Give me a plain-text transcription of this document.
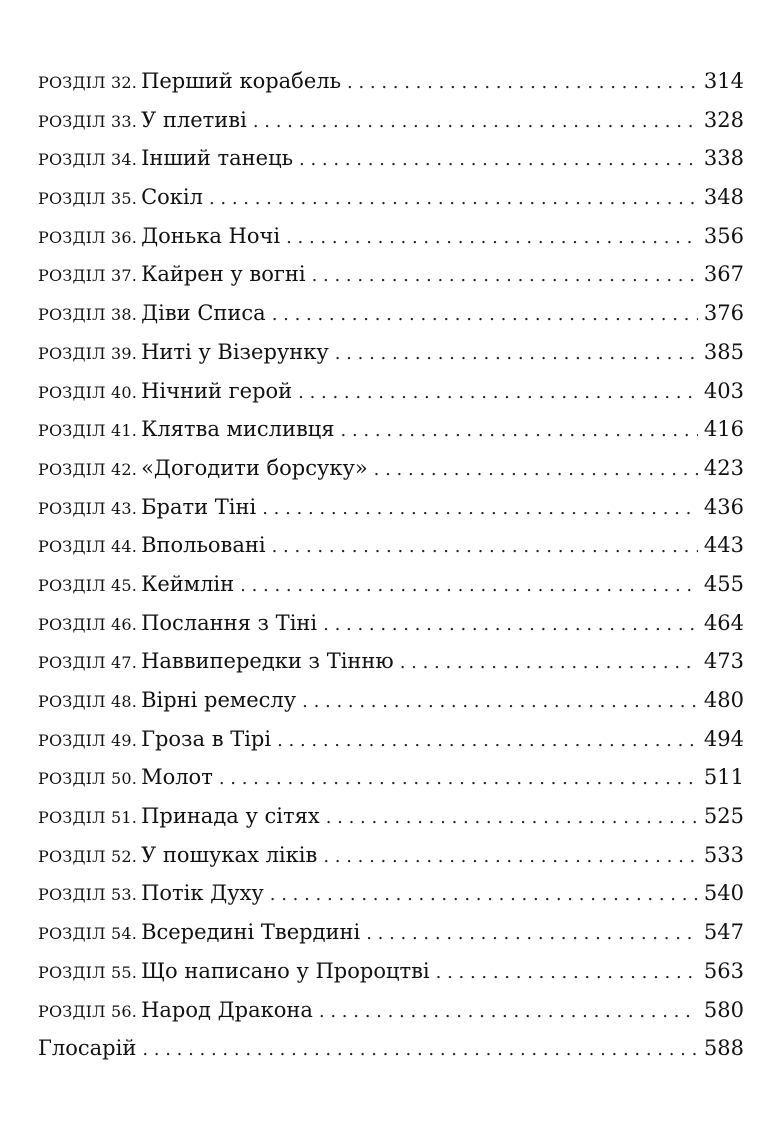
РОЗДІЛ 32. Перший корабель . . .	314
РОЗДІЛ 33. У плетиві . . .	328
РОЗДІЛ 34. Інший танець . . .	338
РОЗДІЛ 35. Сокіл . . .	348
РОЗДІЛ 36. Донька Ночі . . .	356
РОЗДІЛ 37. Кайрен у вогні . . .	367
РОЗДІЛ 38. Діви Списа . . .	376
РОЗДІЛ 39. Ниті у Візерунку . . .	385
РОЗДІЛ 40. Нічний герой . . .	403
РОЗДІЛ 41. Клятва мисливця . . .	416
РОЗДІЛ 42. «Догодити борсуку» . . .	423
РОЗДІЛ 43. Брати Тіні . . .	436
РОЗДІЛ 44. Впольовані . . .	443
РОЗДІЛ 45. Кеймлін . . .	455
РОЗДІЛ 46. Послання з Тіні . . .	464
РОЗДІЛ 47. Наввипередки з Тінню . . .	473
РОЗДІЛ 48. Вірні ремеслу . . .	480
РОЗДІЛ 49. Гроза в Тірі . . .	494
РОЗДІЛ 50. Молот . . .	511
РОЗДІЛ 51. Принада у сітях . . .	525
РОЗДІЛ 52. У пошуках ліків . . .	533
РОЗДІЛ 53. Потік Духу . . .	540
РОЗДІЛ 54. Всередині Твердині . . .	547
РОЗДІЛ 55. Що написано у Пророцтві . . .	563
РОЗДІЛ 56. Народ Дракона . . .	580
Глосарій . . .	588
